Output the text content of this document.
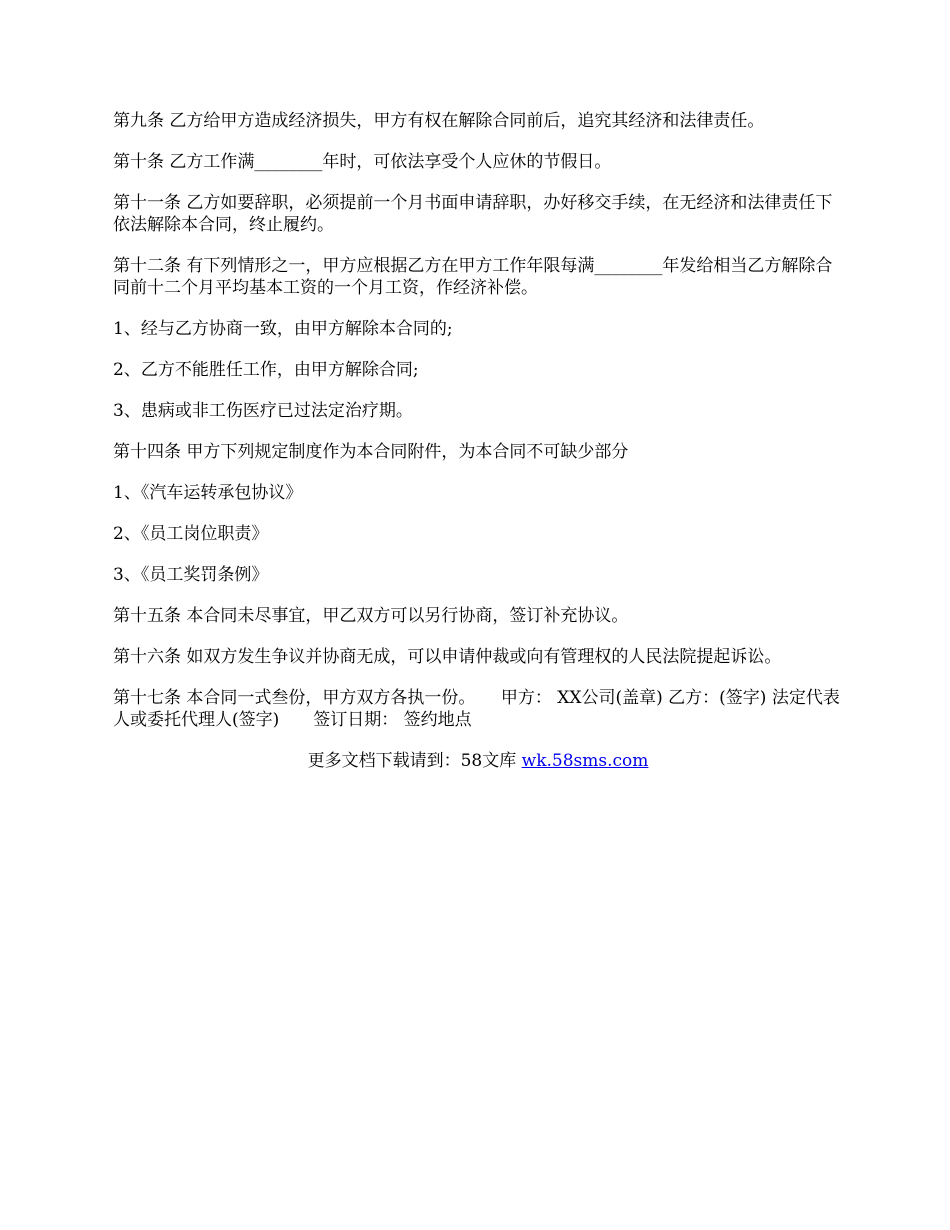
第九条 乙方给甲方造成经济损失，甲方有权在解除合同前后，追究其经济和法律责任。

第十条 乙方工作满________年时，可依法享受个人应休的节假日。

第十一条 乙方如要辞职，必须提前一个月书面申请辞职，办好移交手续，在无经济和法律责任下依法解除本合同，终止履约。

第十二条 有下列情形之一，甲方应根据乙方在甲方工作年限每满________年发给相当乙方解除合同前十二个月平均基本工资的一个月工资，作经济补偿。

1、经与乙方协商一致，由甲方解除本合同的;

2、乙方不能胜任工作，由甲方解除合同;

3、患病或非工伤医疗已过法定治疗期。

第十四条 甲方下列规定制度作为本合同附件，为本合同不可缺少部分

1、《汽车运转承包协议》

2、《员工岗位职责》

3、《员工奖罚条例》

第十五条 本合同未尽事宜，甲乙双方可以另行协商，签订补充协议。

第十六条 如双方发生争议并协商无成，可以申请仲裁或向有管理权的人民法院提起诉讼。

第十七条 本合同一式叁份，甲方双方各执一份。　　甲方： XX公司(盖章) 乙方：(签字) 法定代表人或委托代理人(签字)　　签订日期： 签约地点

更多文档下载请到：58文库 wk.58sms.com
